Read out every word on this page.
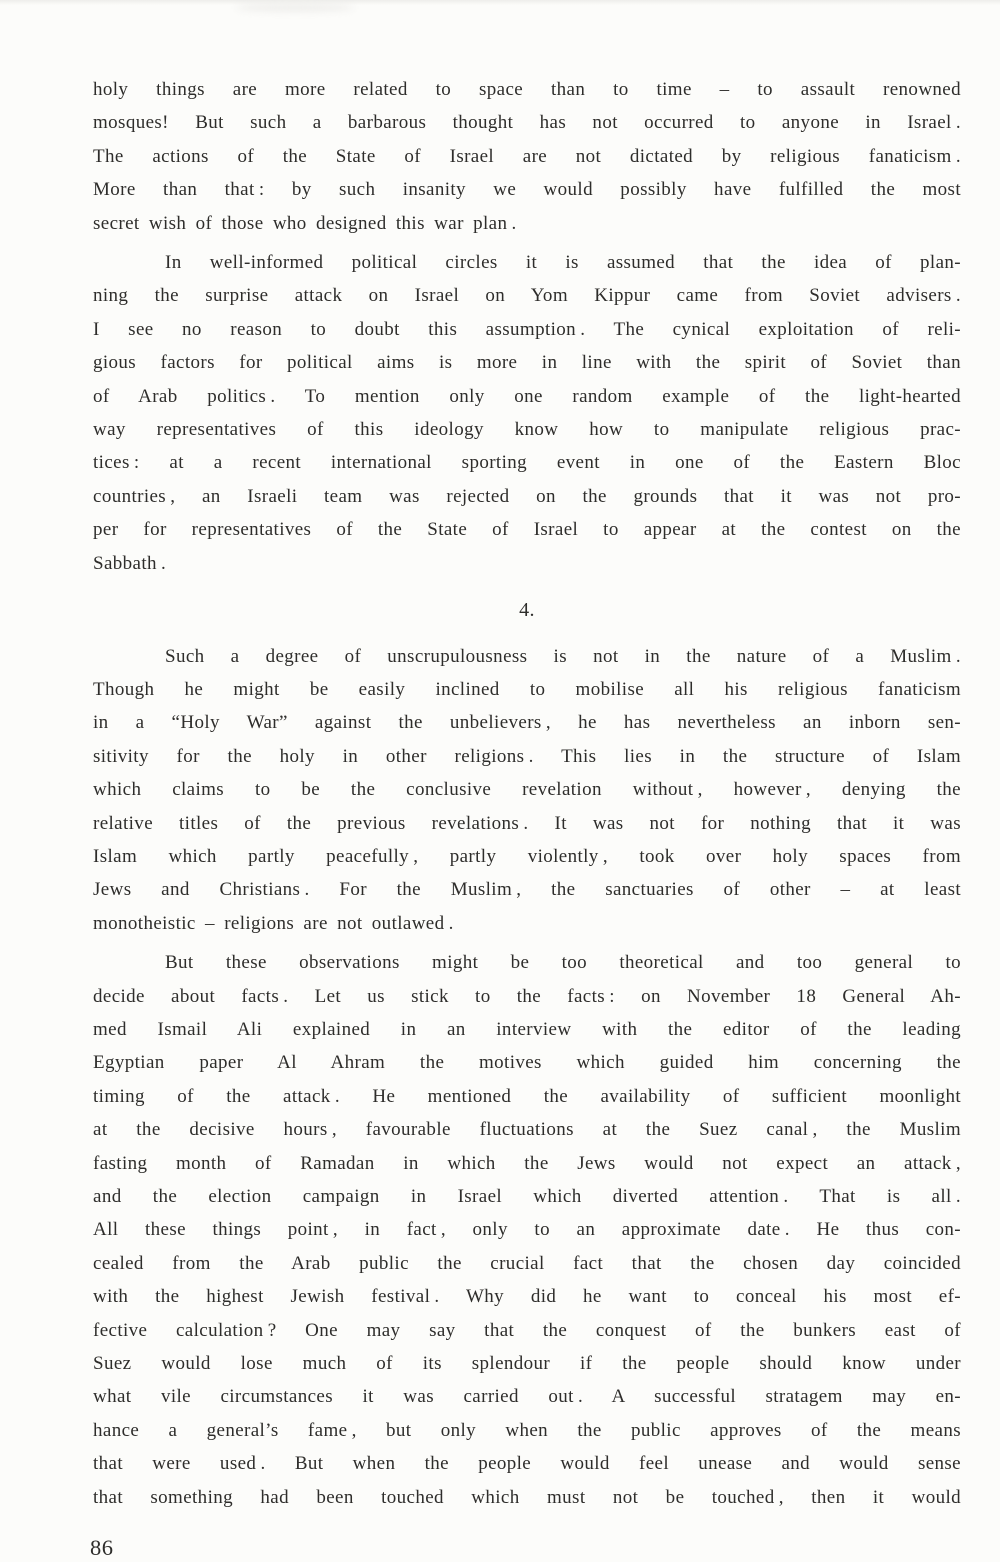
holy things are more related to space than to time – to assault renowned
mosques! But such a barbarous thought has not occurred to anyone in Israel .
The actions of the State of Israel are not dictated by religious fanaticism .
More than that : by such insanity we would possibly have fulfilled the most
secret wish of those who designed this war plan .
In well-informed political circles it is assumed that the idea of plan-
ning the surprise attack on Israel on Yom Kippur came from Soviet advisers .
I see no reason to doubt this assumption . The cynical exploitation of reli-
gious factors for political aims is more in line with the spirit of Soviet than
of Arab politics . To mention only one random example of the light-hearted
way representatives of this ideology know how to manipulate religious prac-
tices : at a recent international sporting event in one of the Eastern Bloc
countries , an Israeli team was rejected on the grounds that it was not pro-
per for representatives of the State of Israel to appear at the contest on the
Sabbath .
4.
Such a degree of unscrupulousness is not in the nature of a Muslim .
Though he might be easily inclined to mobilise all his religious fanaticism
in a “Holy War” against the unbelievers , he has nevertheless an inborn sen-
sitivity for the holy in other religions . This lies in the structure of Islam
which claims to be the conclusive revelation without , however , denying the
relative titles of the previous revelations . It was not for nothing that it was
Islam which partly peacefully , partly violently , took over holy spaces from
Jews and Christians . For the Muslim , the sanctuaries of other – at least
monotheistic – religions are not outlawed .
But these observations might be too theoretical and too general to
decide about facts . Let us stick to the facts : on November 18 General Ah-
med Ismail Ali explained in an interview with the editor of the leading
Egyptian paper Al Ahram the motives which guided him concerning the
timing of the attack . He mentioned the availability of sufficient moonlight
at the decisive hours , favourable fluctuations at the Suez canal , the Muslim
fasting month of Ramadan in which the Jews would not expect an attack ,
and the election campaign in Israel which diverted attention . That is all .
All these things point , in fact , only to an approximate date . He thus con-
cealed from the Arab public the crucial fact that the chosen day coincided
with the highest Jewish festival . Why did he want to conceal his most ef-
fective calculation ? One may say that the conquest of the bunkers east of
Suez would lose much of its splendour if the people should know under
what vile circumstances it was carried out . A successful stratagem may en-
hance a general’s fame , but only when the public approves of the means
that were used . But when the people would feel unease and would sense
that something had been touched which must not be touched , then it would
86
